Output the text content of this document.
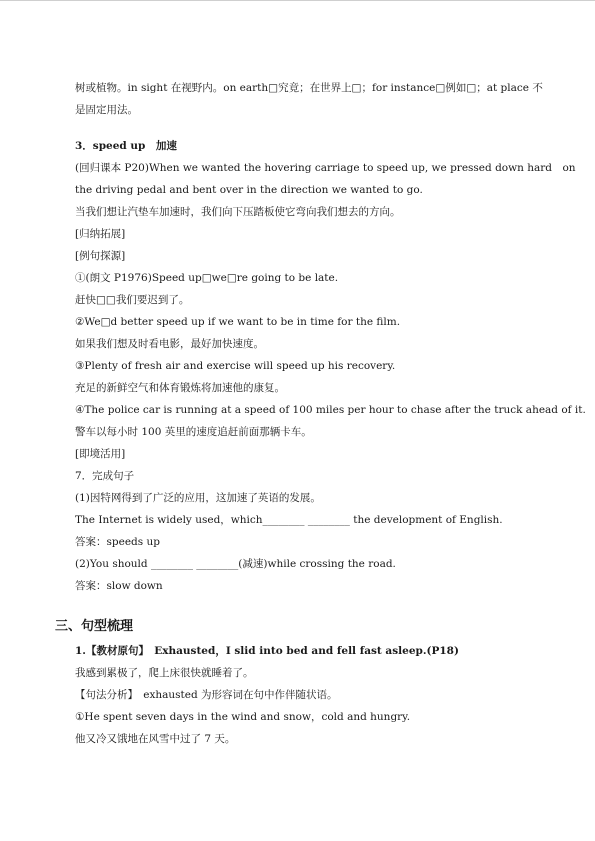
树或植物。in sight 在视野内。on earth□究竟；在世界上□；for instance□例如□；at place 不
是固定用法。
3．speed up　加速
(回归课本 P20)When we wanted the hovering carriage to speed up, we pressed down hard　on
the driving pedal and bent over in the direction we wanted to go.
当我们想让汽垫车加速时，我们向下压踏板使它弯向我们想去的方向。
[归纳拓展]
[例句探源]
①(朗文 P1976)Speed up□we□re going to be late.
赶快□□我们要迟到了。
②We□d better speed up if we want to be in time for the film.
如果我们想及时看电影，最好加快速度。
③Plenty of fresh air and exercise will speed up his recovery.
充足的新鲜空气和体育锻炼将加速他的康复。
④The police car is running at a speed of 100 miles per hour to chase after the truck ahead of it.
警车以每小时 100 英里的速度追赶前面那辆卡车。
[即境活用]
7．完成句子
(1)因特网得到了广泛的应用，这加速了英语的发展。
The Internet is widely used，which________ ________ the development of English.
答案：speeds up
(2)You should ________ ________(减速)while crossing the road.
答案：slow down
三、句型梳理
1.【教材原句】　Exhausted，I slid into bed and fell fast asleep.(P18)
我感到累极了，爬上床很快就睡着了。
【句法分析】　exhausted 为形容词在句中作伴随状语。
①He spent seven days in the wind and snow，cold and hungry.
他又冷又饿地在风雪中过了 7 天。
